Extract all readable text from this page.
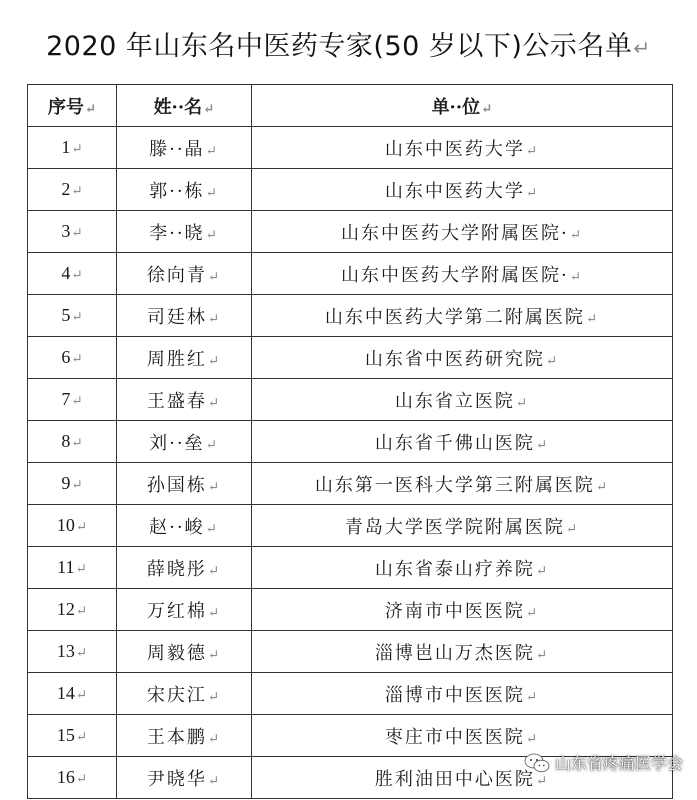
2020 年山东名中医药专家(50 岁以下)公示名单↵
序号↵	姓··名↵	单··位↵
1↵	滕··晶↵	山东中医药大学↵
2↵	郭··栋↵	山东中医药大学↵
3↵	李··晓↵	山东中医药大学附属医院·↵
4↵	徐向青↵	山东中医药大学附属医院·↵
5↵	司廷林↵	山东中医药大学第二附属医院↵
6↵	周胜红↵	山东省中医药研究院↵
7↵	王盛春↵	山东省立医院↵
8↵	刘··垒↵	山东省千佛山医院↵
9↵	孙国栋↵	山东第一医科大学第三附属医院↵
10↵	赵··峻↵	青岛大学医学院附属医院↵
11↵	薛晓彤↵	山东省泰山疗养院↵
12↵	万红棉↵	济南市中医医院↵
13↵	周毅德↵	淄博岜山万杰医院↵
14↵	宋庆江↵	淄博市中医医院↵
15↵	王本鹏↵	枣庄市中医医院↵
16↵	尹晓华↵	胜利油田中心医院↵
山东省疼痛医学会
